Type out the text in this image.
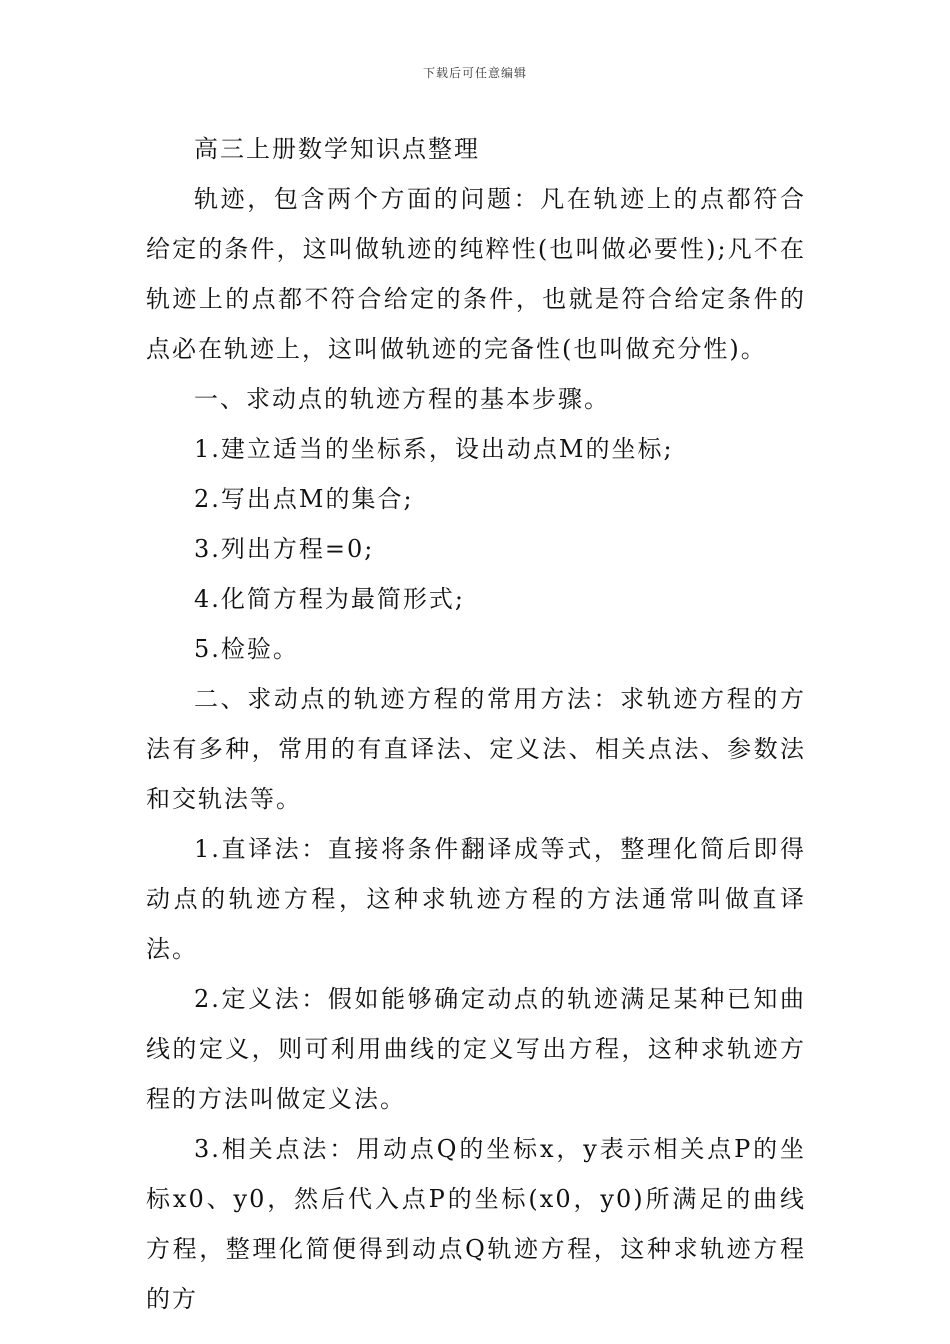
下载后可任意编辑

高三上册数学知识点整理

轨迹，包含两个方面的问题：凡在轨迹上的点都符合给定的条件，这叫做轨迹的纯粹性(也叫做必要性);凡不在轨迹上的点都不符合给定的条件，也就是符合给定条件的点必在轨迹上，这叫做轨迹的完备性(也叫做充分性)。

一、求动点的轨迹方程的基本步骤。

1.建立适当的坐标系，设出动点M的坐标;

2.写出点M的集合;

3.列出方程=0;

4.化简方程为最简形式;

5.检验。

二、求动点的轨迹方程的常用方法：求轨迹方程的方法有多种，常用的有直译法、定义法、相关点法、参数法和交轨法等。

1.直译法：直接将条件翻译成等式，整理化简后即得动点的轨迹方程，这种求轨迹方程的方法通常叫做直译法。

2.定义法：假如能够确定动点的轨迹满足某种已知曲线的定义，则可利用曲线的定义写出方程，这种求轨迹方程的方法叫做定义法。

3.相关点法：用动点Q的坐标x，y表示相关点P的坐标x0、y0，然后代入点P的坐标(x0，y0)所满足的曲线方程，整理化简便得到动点Q轨迹方程，这种求轨迹方程的方
